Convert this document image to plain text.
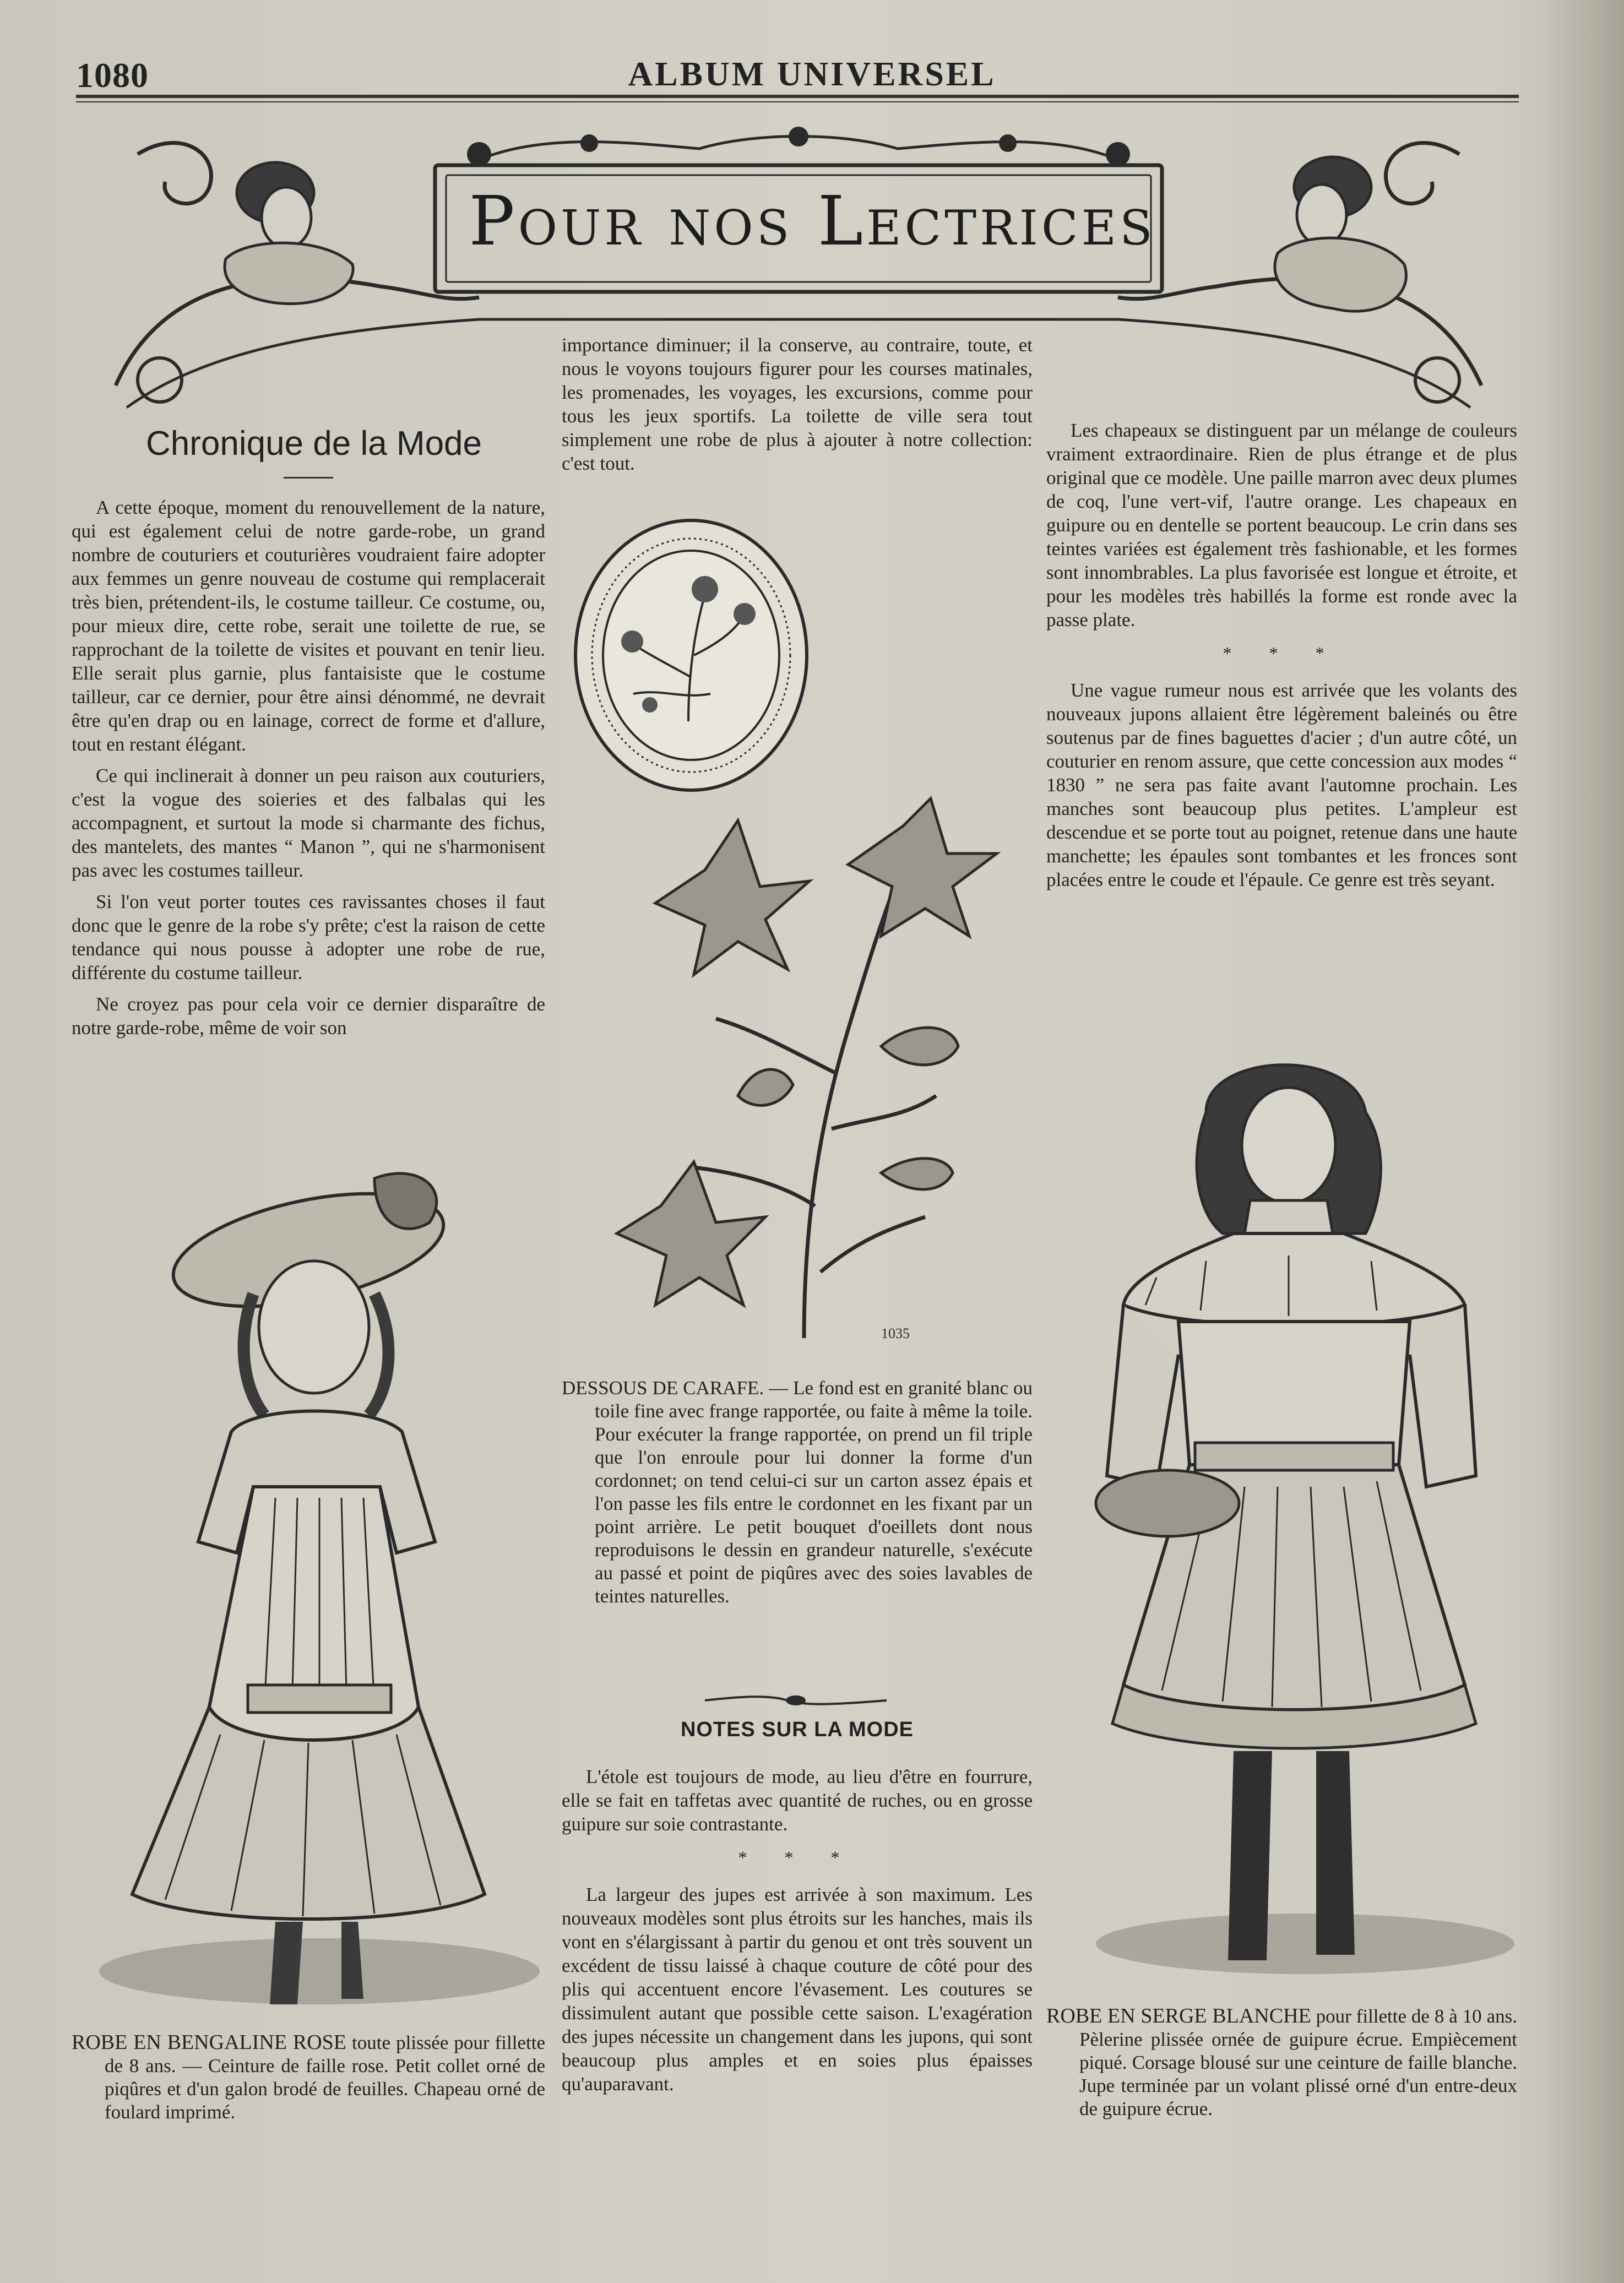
1080	ALBUM UNIVERSEL
Pour nos Lectrices
Chronique de la Mode

A cette époque, moment du renouvellement de la nature, qui est également celui de notre garde-robe, un grand nombre de couturiers et couturières voudraient faire adopter aux femmes un genre nouveau de costume qui remplacerait très bien, prétendent-ils, le costume tailleur. Ce costume, ou, pour mieux dire, cette robe, serait une toilette de rue, se rapprochant de la toilette de visites et pouvant en tenir lieu. Elle serait plus garnie, plus fantaisiste que le costume tailleur, car ce dernier, pour être ainsi dénommé, ne devrait être qu'en drap ou en lainage, correct de forme et d'allure, tout en restant élégant.

Ce qui inclinerait à donner un peu raison aux couturiers, c'est la vogue des soieries et des falbalas qui les accompagnent, et surtout la mode si charmante des fichus, des mantelets, des mantes “ Manon ”, qui ne s'harmonisent pas avec les costumes tailleur.

Si l'on veut porter toutes ces ravissantes choses il faut donc que le genre de la robe s'y prête; c'est la raison de cette tendance qui nous pousse à adopter une robe de rue, différente du costume tailleur.

Ne croyez pas pour cela voir ce dernier disparaître de notre garde-robe, même de voir son

importance diminuer; il la conserve, au contraire, toute, et nous le voyons toujours figurer pour les courses matinales, les promenades, les voyages, les excursions, comme pour tous les jeux sportifs. La toilette de ville sera tout simplement une robe de plus à ajouter à notre collection: c'est tout.

1035
DESSOUS DE CARAFE. — Le fond est en granité blanc ou toile fine avec frange rapportée, ou faite à même la toile. Pour exécuter la frange rapportée, on prend un fil triple que l'on enroule pour lui donner la forme d'un cordonnet; on tend celui-ci sur un carton assez épais et l'on passe les fils entre le cordonnet en les fixant par un point arrière. Le petit bouquet d'oeillets dont nous reproduisons le dessin en grandeur naturelle, s'exécute au passé et point de piqûres avec des soies lavables de teintes naturelles.
NOTES SUR LA MODE

L'étole est toujours de mode, au lieu d'être en fourrure, elle se fait en taffetas avec quantité de ruches, ou en grosse guipure sur soie contrastante.

* * *

La largeur des jupes est arrivée à son maximum. Les nouveaux modèles sont plus étroits sur les hanches, mais ils vont en s'élargissant à partir du genou et ont très souvent un excédent de tissu laissé à chaque couture de côté pour des plis qui accentuent encore l'évasement. Les coutures se dissimulent autant que possible cette saison. L'exagération des jupes nécessite un changement dans les jupons, qui sont beaucoup plus amples et en soies plus épaisses qu'auparavant.

Les chapeaux se distinguent par un mélange de couleurs vraiment extraordinaire. Rien de plus étrange et de plus original que ce modèle. Une paille marron avec deux plumes de coq, l'une vert-vif, l'autre orange. Les chapeaux en guipure ou en dentelle se portent beaucoup. Le crin dans ses teintes variées est également très fashionable, et les formes sont innombrables. La plus favorisée est longue et étroite, et pour les modèles très habillés la forme est ronde avec la passe plate.

* * *

Une vague rumeur nous est arrivée que les volants des nouveaux jupons allaient être légèrement baleinés ou être soutenus par de fines baguettes d'acier ; d'un autre côté, un couturier en renom assure, que cette concession aux modes “ 1830 ” ne sera pas faite avant l'automne prochain. Les manches sont beaucoup plus petites. L'ampleur est descendue et se porte tout au poignet, retenue dans une haute manchette; les épaules sont tombantes et les fronces sont placées entre le coude et l'épaule. Ce genre est très seyant.

ROBE EN BENGALINE ROSE toute plissée pour fillette de 8 ans. — Ceinture de faille rose. Petit collet orné de piqûres et d'un galon brodé de feuilles. Chapeau orné de foulard imprimé.
ROBE EN SERGE BLANCHE pour fillette de 8 à 10 ans. Pèlerine plissée ornée de guipure écrue. Empiècement piqué. Corsage blousé sur une ceinture de faille blanche. Jupe terminée par un volant plissé orné d'un entre-deux de guipure écrue.
